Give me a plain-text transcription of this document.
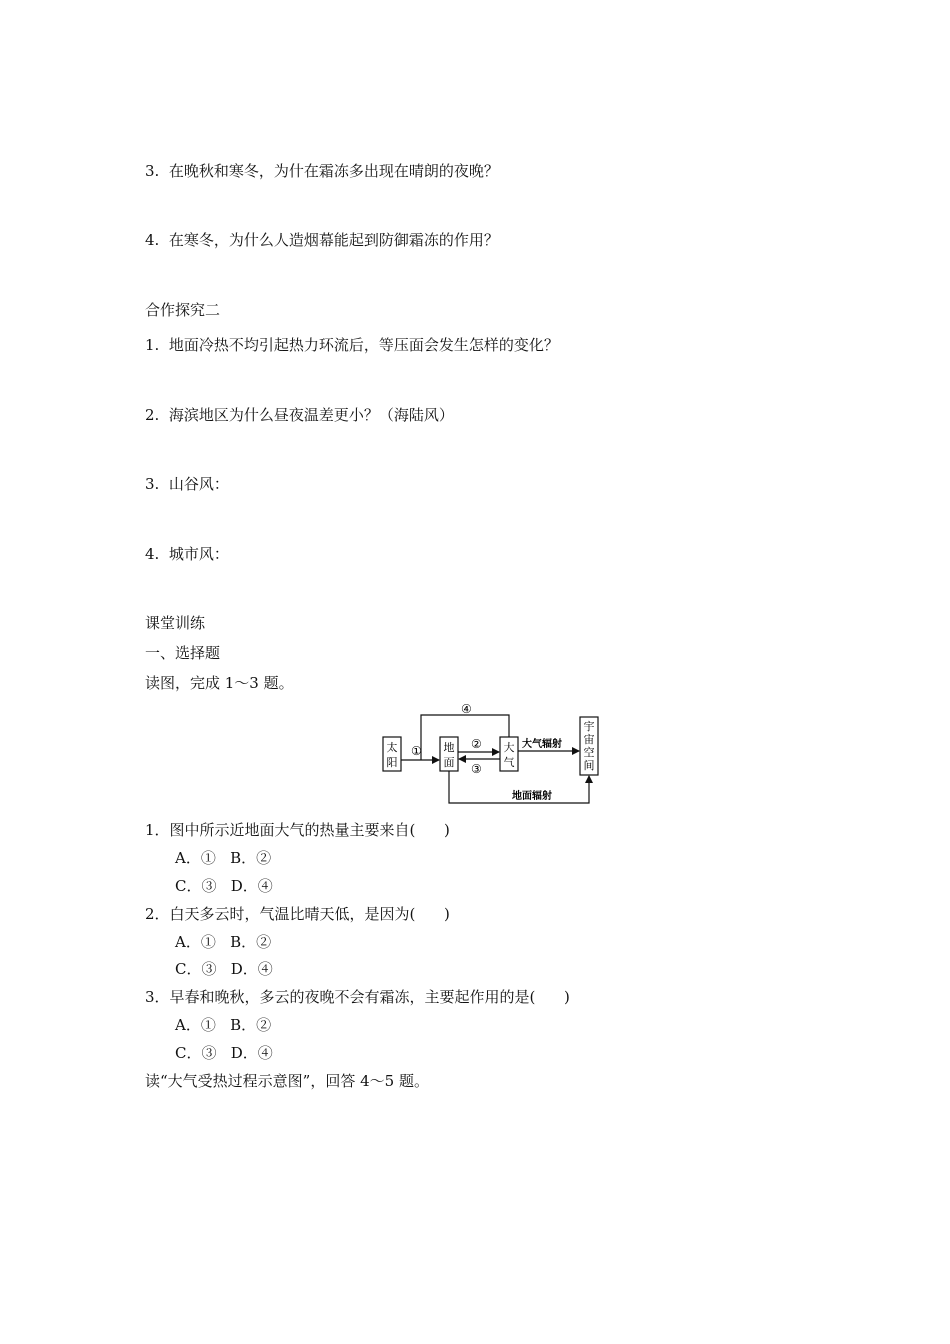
3.  在晚秋和寒冬，为什在霜冻多出现在晴朗的夜晚？
4.  在寒冬，为什么人造烟幕能起到防御霜冻的作用？
合作探究二
1.  地面冷热不均引起热力环流后，等压面会发生怎样的变化？
2.  海滨地区为什么昼夜温差更小？（海陆风）
3.  山谷风：
4.  城市风：
课堂训练
一、选择题
读图，完成 1～3 题。
太
阳
地
面
大
气
宇
宙
空
间
①	②
③
④
大气辐射
地面辐射
1．图中所示近地面大气的热量主要来自(      )
A．①   B．②
C．③   D．④
2．白天多云时，气温比晴天低，是因为(      )
A．①   B．②
C．③   D．④
3．早春和晚秋，多云的夜晚不会有霜冻，主要起作用的是(      )
A．①   B．②
C．③   D．④
读“大气受热过程示意图”，回答 4～5 题。
